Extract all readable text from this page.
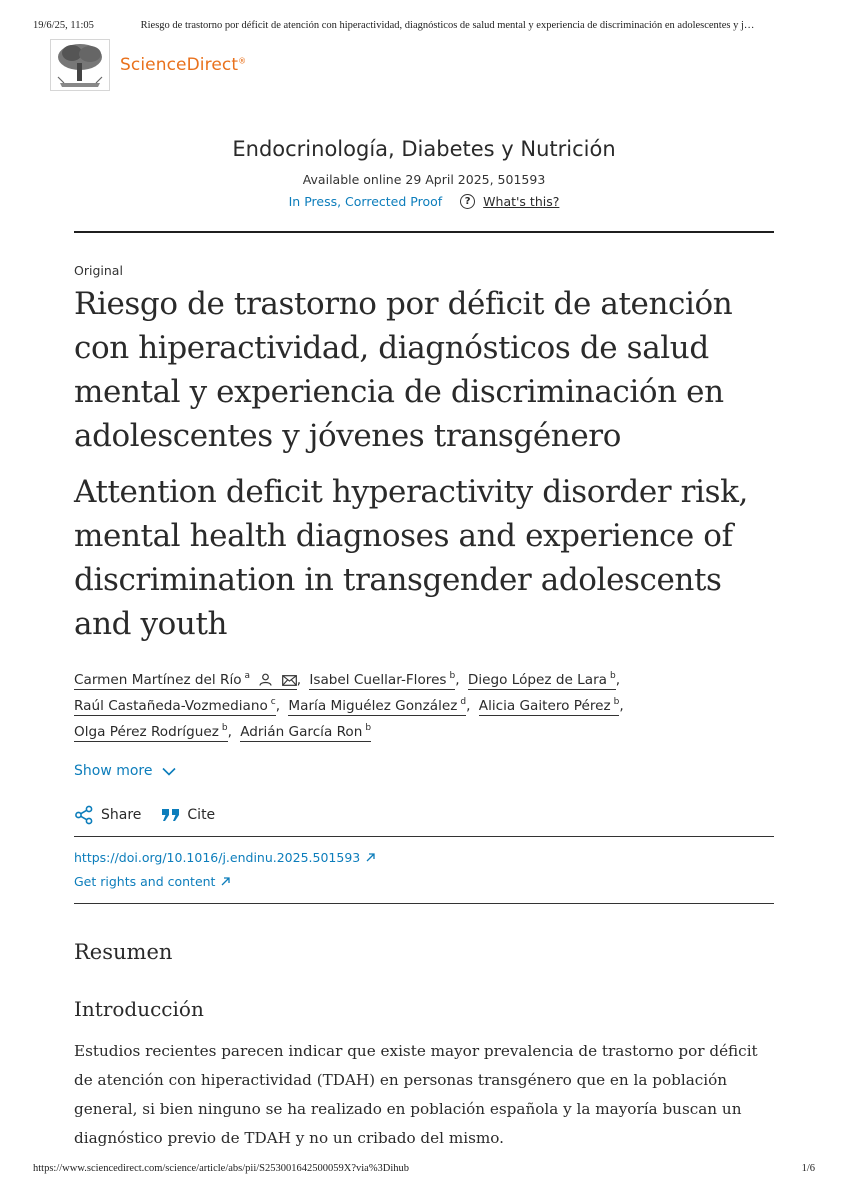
19/6/25, 11:05	Riesgo de trastorno por déficit de atención con hiperactividad, diagnósticos de salud mental y experiencia de discriminación en adolescentes y j…
ScienceDirect®
Endocrinología, Diabetes y Nutrición
Available online 29 April 2025, 501593
In Press, Corrected Proof	?	What's this?
Original
Riesgo de trastorno por déficit de atención con hiperactividad, diagnósticos de salud mental y experiencia de discriminación en adolescentes y jóvenes transgénero
Attention deficit hyperactivity disorder risk, mental health diagnoses and experience of discrimination in transgender adolescents and youth
Carmen Martínez del Río $^a$	, Isabel Cuellar-Flores $^b$, Diego López de Lara $^b$, Raúl Castañeda-Vozmediano $^c$, María Miguélez González $^d$, Alicia Gaitero Pérez $^b$, Olga Pérez Rodríguez $^b$, Adrián García Ron $^b$
Show more
Share	Cite
https://doi.org/10.1016/j.endinu.2025.501593
Get rights and content
Resumen
Introducción

Estudios recientes parecen indicar que existe mayor prevalencia de trastorno por déficit de atención con hiperactividad (TDAH) en personas transgénero que en la población general, si bien ninguno se ha realizado en población española y la mayoría buscan un diagnóstico previo de TDAH y no un cribado del mismo.

https://www.sciencedirect.com/science/article/abs/pii/S253001642500059X?via%3Dihub	1/6
